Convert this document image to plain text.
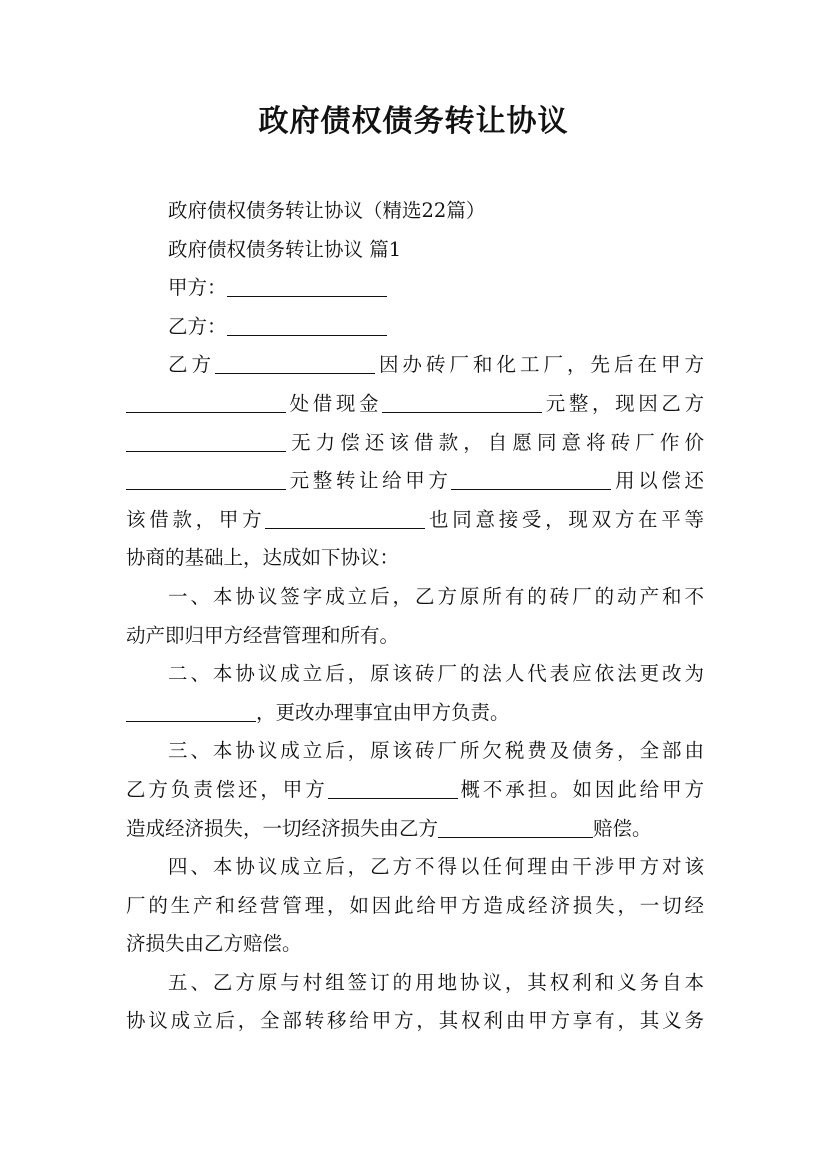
政府债权债务转让协议
政府债权债务转让协议（精选22篇）
政府债权债务转让协议 篇1
甲方：
乙方：
乙方	因办砖厂和化工厂，先后在甲方
处借现金	元整，现因乙方
无力偿还该借款，自愿同意将砖厂作价
元整转让给甲方	用以偿还
该借款，甲方	也同意接受，现双方在平等
协商的基础上，达成如下协议：
一、本协议签字成立后，乙方原所有的砖厂的动产和不
动产即归甲方经营管理和所有。
二、本协议成立后，原该砖厂的法人代表应依法更改为
，更改办理事宜由甲方负责。
三、本协议成立后，原该砖厂所欠税费及债务，全部由
乙方负责偿还，甲方	概不承担。如因此给甲方
造成经济损失，一切经济损失由乙方	赔偿。
四、本协议成立后，乙方不得以任何理由干涉甲方对该
厂的生产和经营管理，如因此给甲方造成经济损失，一切经
济损失由乙方赔偿。
五、乙方原与村组签订的用地协议，其权利和义务自本
协议成立后，全部转移给甲方，其权利由甲方享有，其义务
